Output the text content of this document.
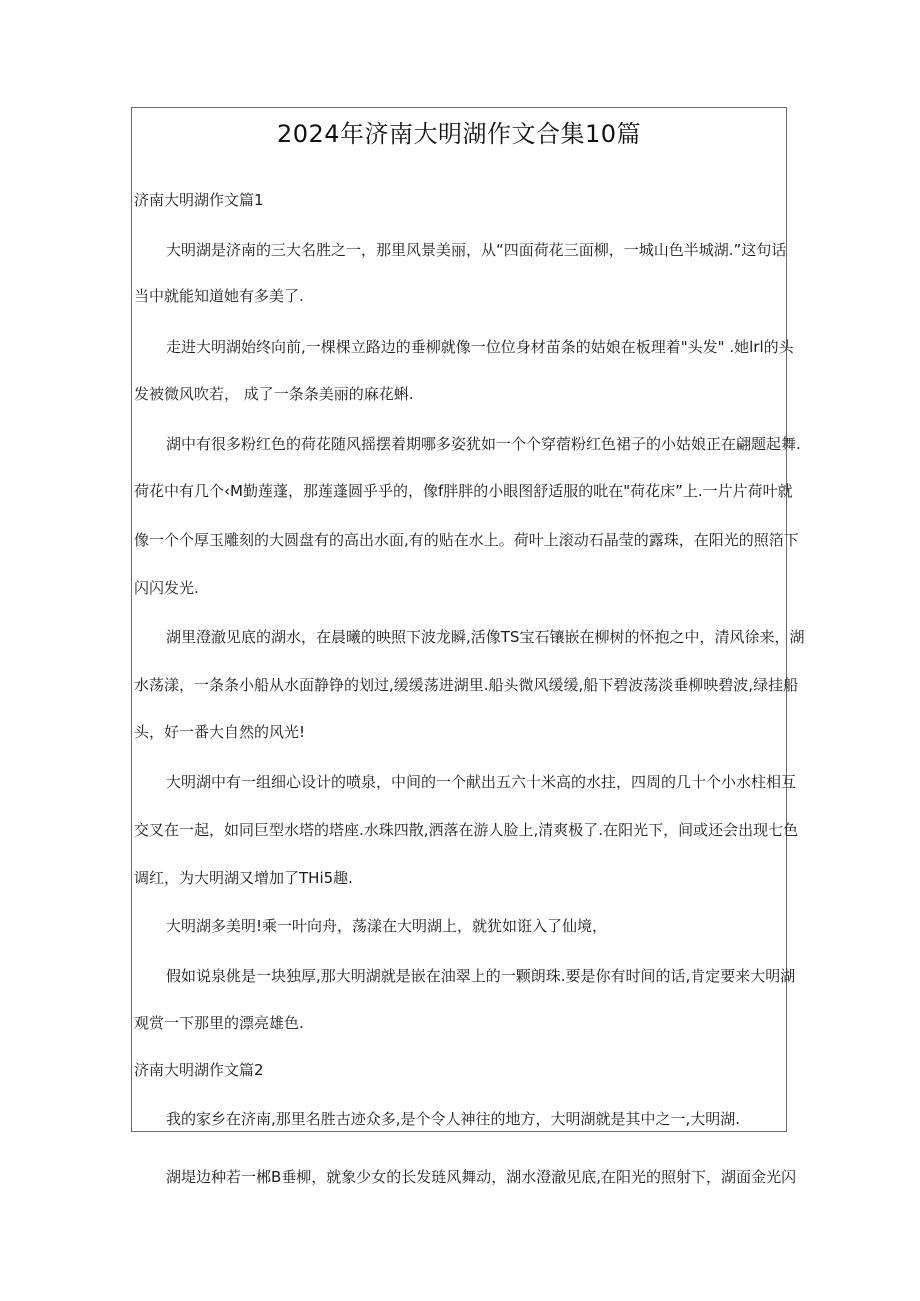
2024年济南大明湖作文合集10篇
济南大明湖作文篇1
大明湖是济南的三大名胜之一，那里风景美丽，从“四面荷花三面柳，一城山色半城湖.”这句话
当中就能知道她有多美了.
走进大明湖始终向前,一棵棵立路边的垂柳就像一位位身材苗条的姑娘在板理着"头发" .她lrl的头
发被微风吹若， 成了一条条美丽的麻花蝌.
湖中有很多粉红色的荷花随风摇摆着期哪多姿犹如一个个穿蓿粉红色裙子的小姑娘正在翩题起舞.
荷花中有几个‹M勤莲蓬，那莲蓬圆乎乎的，像f胖胖的小眼图舒适服的吡在"荷花床”上.一片片荷叶就
像一个个厚玉雕刻的大圆盘有的高出水面,有的贴在水上。荷叶上滚动石晶莹的露珠，在阳光的照箔下
闪闪发光.
湖里澄澈见底的湖水，在晨曦的映照下波龙瞬,活像TS宝石镶嵌在柳树的怀抱之中，清风徐来，湖
水荡漾，一条条小船从水面静铮的划过,缓缓荡进湖里.船头微风缓缓,船下碧波荡淡垂柳映碧波,绿挂船
头，好一番大自然的风光!
大明湖中有一组细心设计的喷泉，中间的一个献出五六十米高的水拄，四周的几十个小水柱相互
交叉在一起，如同巨型水塔的塔座.水珠四散,洒落在游人脸上,清爽极了.在阳光下，间或还会出现七色
调红，为大明湖又增加了THi5趣.
大明湖多美明!乘一叶向舟，荡漾在大明湖上，就犹如诳入了仙境，
假如说泉佻是一块独厚,那大明湖就是嵌在油翠上的一颗朗珠.要是你有时间的话,肯定要来大明湖
观赏一下那里的漂亮雄色.
济南大明湖作文篇2
我的家乡在济南,那里名胜古迹众多,是个令人神往的地方，大明湖就是其中之一,大明湖.
湖堤边种若一郴B垂柳，就象少女的长发琏风舞动，湖水澄澈见底,在阳光的照射下，湖面金光闪
